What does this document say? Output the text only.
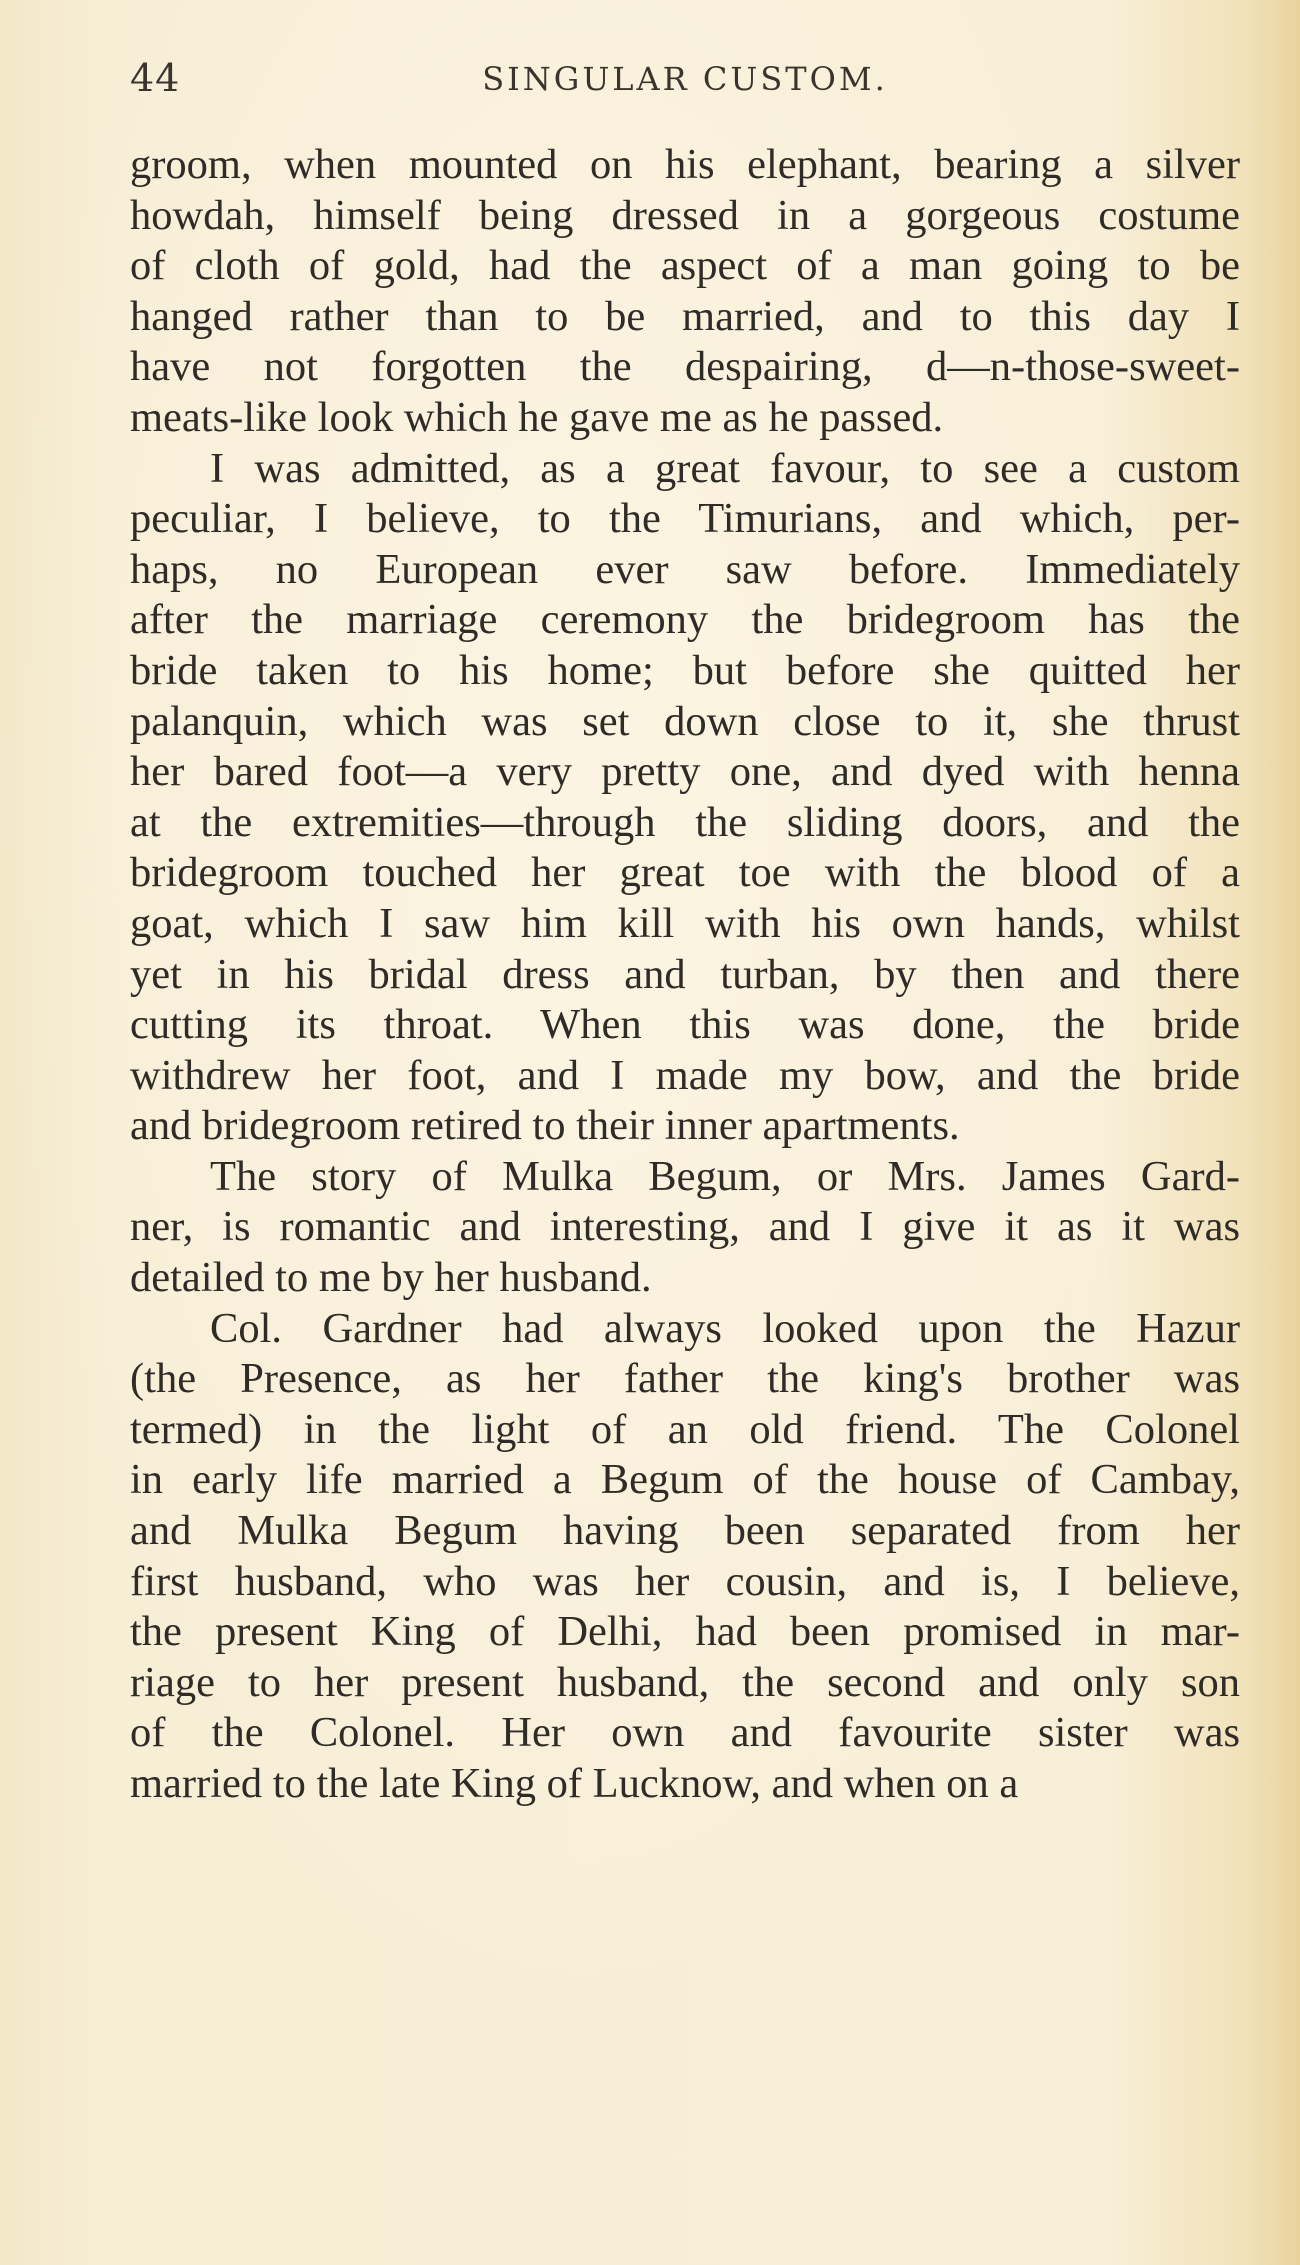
44	SINGULAR CUSTOM.
groom, when mounted on his elephant, bearing a silver
howdah, himself being dressed in a gorgeous costume
of cloth of gold, had the aspect of a man going to be
hanged rather than to be married, and to this day I
have not forgotten the despairing, d—n-those-sweet-
meats-like look which he gave me as he passed.
I was admitted, as a great favour, to see a custom
peculiar, I believe, to the Timurians, and which, per-
haps, no European ever saw before. Immediately
after the marriage ceremony the bridegroom has the
bride taken to his home; but before she quitted her
palanquin, which was set down close to it, she thrust
her bared foot—a very pretty one, and dyed with henna
at the extremities—through the sliding doors, and the
bridegroom touched her great toe with the blood of a
goat, which I saw him kill with his own hands, whilst
yet in his bridal dress and turban, by then and there
cutting its throat. When this was done, the bride
withdrew her foot, and I made my bow, and the bride
and bridegroom retired to their inner apartments.
The story of Mulka Begum, or Mrs. James Gard-
ner, is romantic and interesting, and I give it as it was
detailed to me by her husband.
Col. Gardner had always looked upon the Hazur
(the Presence, as her father the king's brother was
termed) in the light of an old friend. The Colonel
in early life married a Begum of the house of Cambay,
and Mulka Begum having been separated from her
first husband, who was her cousin, and is, I believe,
the present King of Delhi, had been promised in mar-
riage to her present husband, the second and only son
of the Colonel. Her own and favourite sister was
married to the late King of Lucknow, and when on a
